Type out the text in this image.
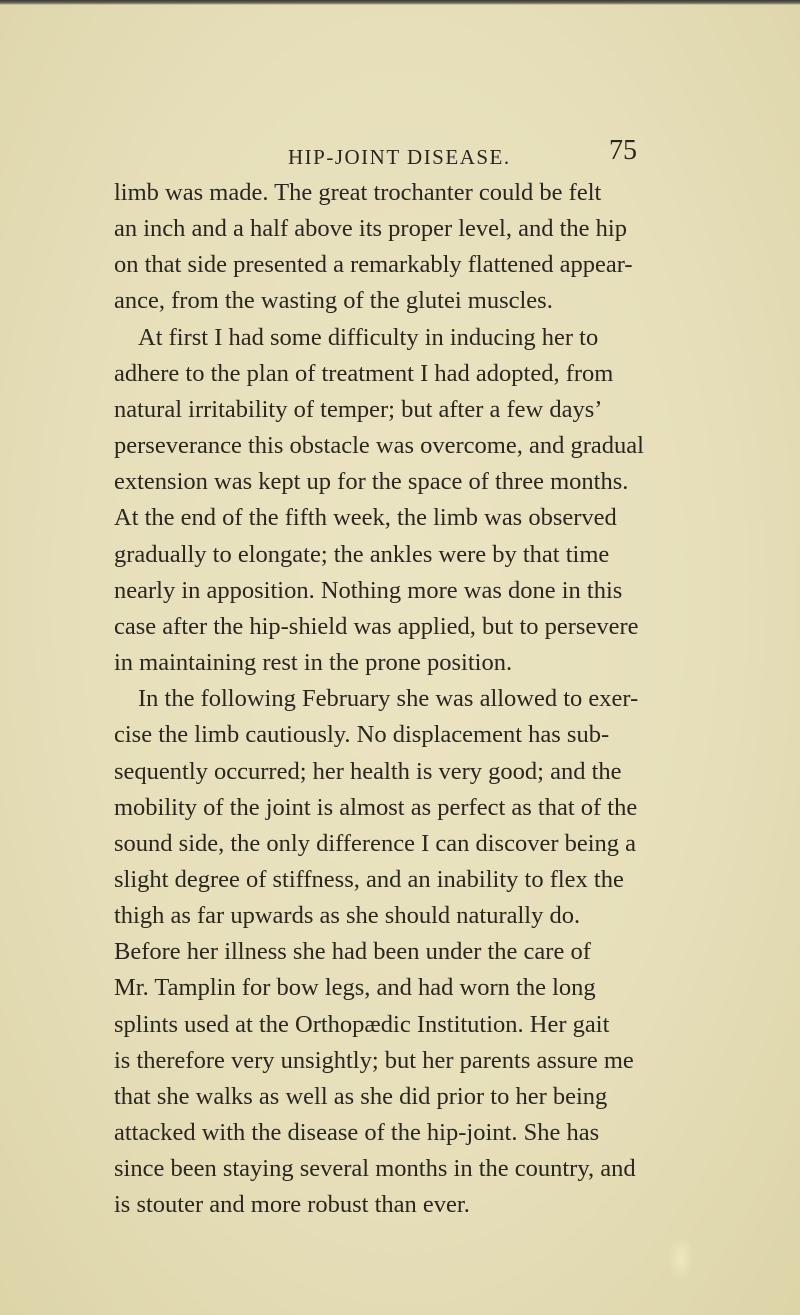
HIP-JOINT DISEASE.	75
limb was made. The great trochanter could be felt
an inch and a half above its proper level, and the hip
on that side presented a remarkably flattened appear-
ance, from the wasting of the glutei muscles.
At first I had some difficulty in inducing her to
adhere to the plan of treatment I had adopted, from
natural irritability of temper; but after a few days’
perseverance this obstacle was overcome, and gradual
extension was kept up for the space of three months.
At the end of the fifth week, the limb was observed
gradually to elongate; the ankles were by that time
nearly in apposition. Nothing more was done in this
case after the hip-shield was applied, but to persevere
in maintaining rest in the prone position.
In the following February she was allowed to exer-
cise the limb cautiously. No displacement has sub-
sequently occurred; her health is very good; and the
mobility of the joint is almost as perfect as that of the
sound side, the only difference I can discover being a
slight degree of stiffness, and an inability to flex the
thigh as far upwards as she should naturally do.
Before her illness she had been under the care of
Mr. Tamplin for bow legs, and had worn the long
splints used at the Orthopædic Institution. Her gait
is therefore very unsightly; but her parents assure me
that she walks as well as she did prior to her being
attacked with the disease of the hip-joint. She has
since been staying several months in the country, and
is stouter and more robust than ever.
